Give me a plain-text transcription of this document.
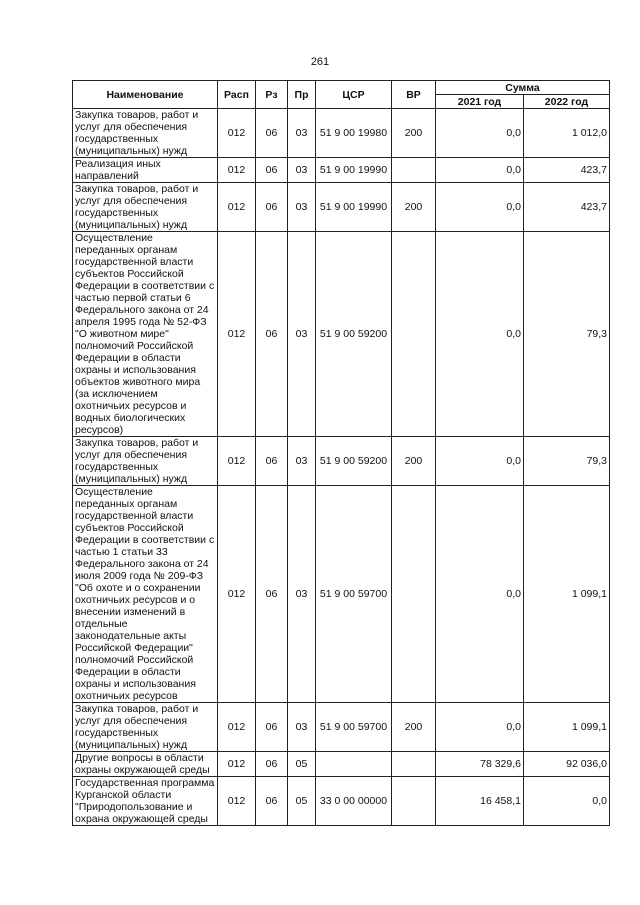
261
Наименование	Расп	Рз	Пр	ЦСР	ВР	Сумма	
						2021 год	2022 год
Закупка товаров, работ и услуг для обеспечения государственных (муниципальных) нужд	012	06	03	51 9 00 19980	200	0,0	1 012,0
Реализация иных направлений	012	06	03	51 9 00 19990		0,0	423,7
Закупка товаров, работ и услуг для обеспечения государственных (муниципальных) нужд	012	06	03	51 9 00 19990	200	0,0	423,7
Осуществление переданных органам государственной власти субъектов Российской Федерации в соответствии с частью первой статьи 6 Федерального закона от 24 апреля 1995 года № 52-ФЗ "О животном мире" полномочий Российской Федерации в области охраны и использования объектов животного мира (за исключением охотничьих ресурсов и водных биологических ресурсов)	012	06	03	51 9 00 59200		0,0	79,3
Закупка товаров, работ и услуг для обеспечения государственных (муниципальных) нужд	012	06	03	51 9 00 59200	200	0,0	79,3
Осуществление переданных органам государственной власти субъектов Российской Федерации в соответствии с частью 1 статьи 33 Федерального закона от 24 июля 2009 года № 209-ФЗ "Об охоте и о сохранении охотничьих ресурсов и о внесении изменений в отдельные законодательные акты Российской Федерации" полномочий Российской Федерации в области охраны и использования охотничьих ресурсов	012	06	03	51 9 00 59700		0,0	1 099,1
Закупка товаров, работ и услуг для обеспечения государственных (муниципальных) нужд	012	06	03	51 9 00 59700	200	0,0	1 099,1
Другие вопросы в области охраны окружающей среды	012	06	05			78 329,6	92 036,0
Государственная программа Курганской области "Природопользование и охрана окружающей среды	012	06	05	33 0 00 00000		16 458,1	0,0
